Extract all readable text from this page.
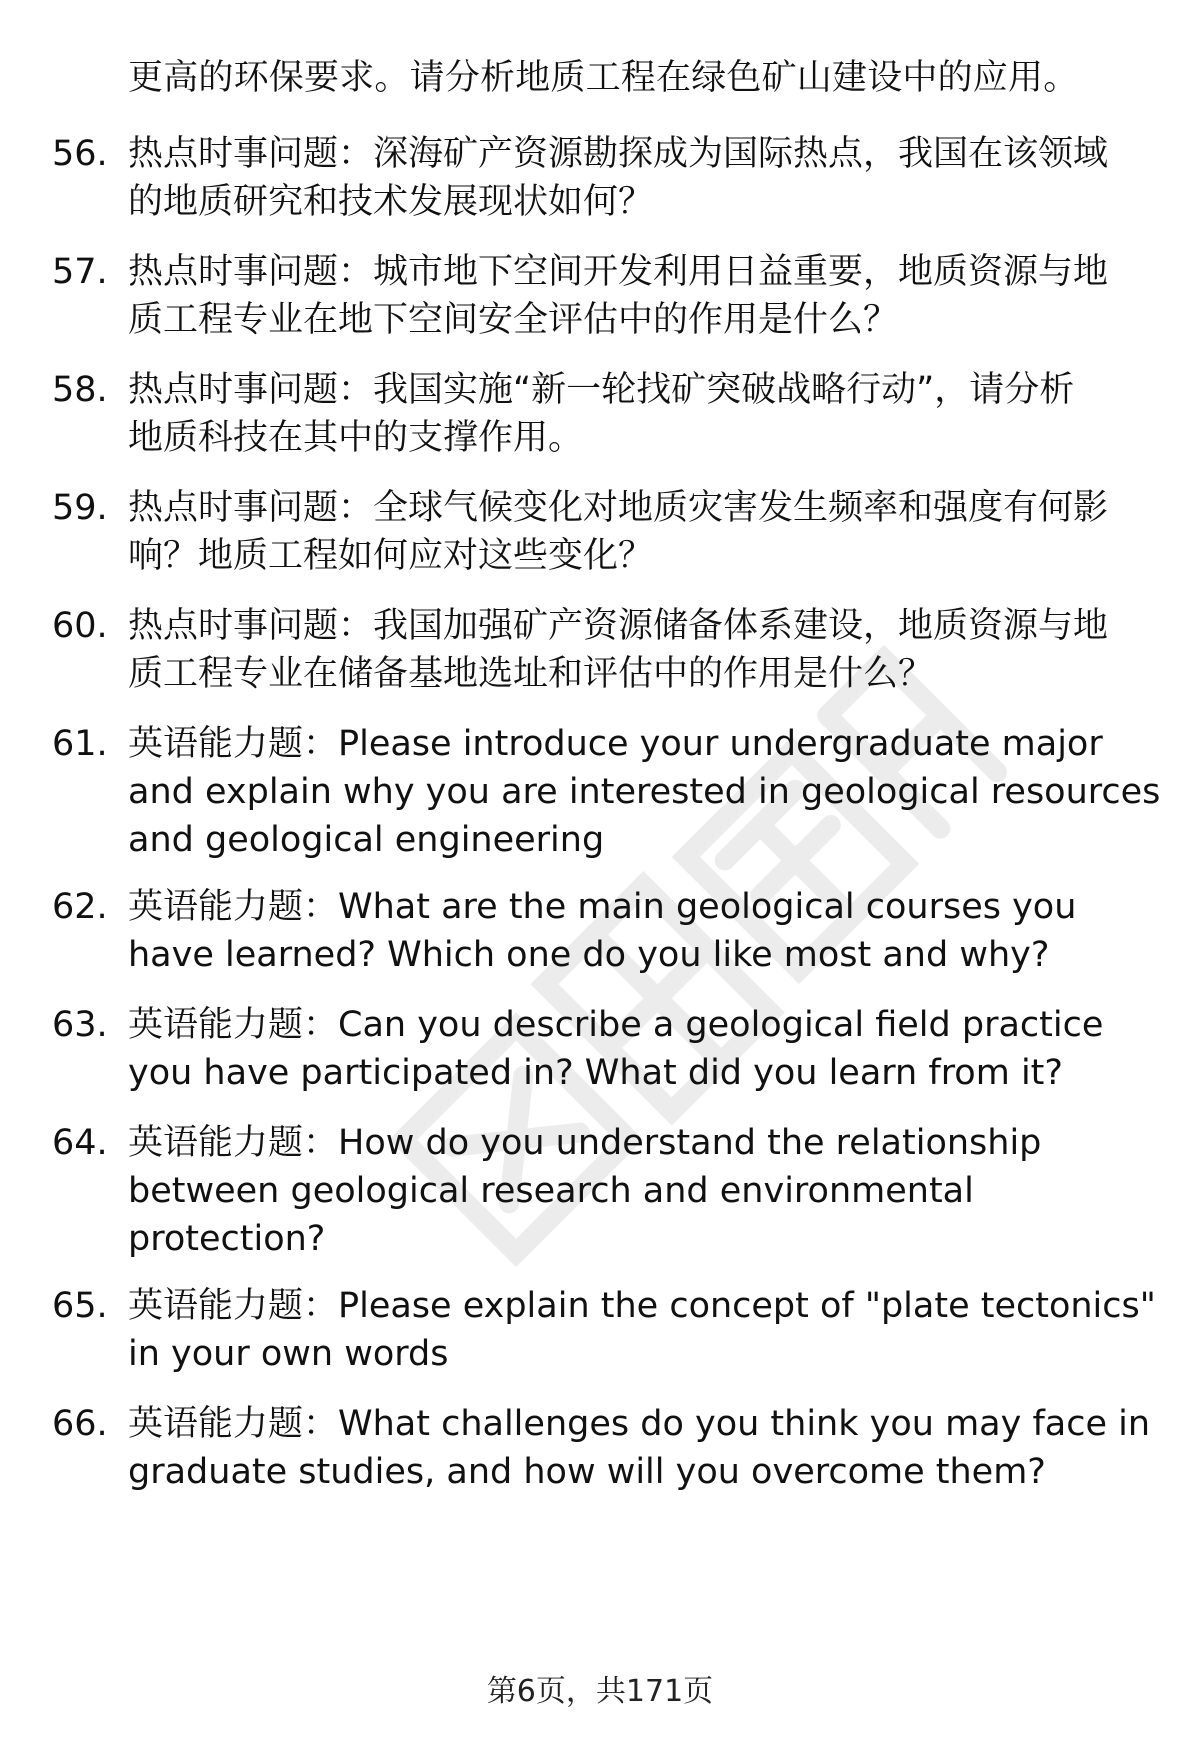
更高的环保要求。请分析地质工程在绿色矿山建设中的应用。
56. 热点时事问题：深海矿产资源勘探成为国际热点，我国在该领域
的地质研究和技术发展现状如何？
57. 热点时事问题：城市地下空间开发利用日益重要，地质资源与地
质工程专业在地下空间安全评估中的作用是什么？
58. 热点时事问题：我国实施“新一轮找矿突破战略行动”，请分析
地质科技在其中的支撑作用。
59. 热点时事问题：全球气候变化对地质灾害发生频率和强度有何影
响？地质工程如何应对这些变化？
60. 热点时事问题：我国加强矿产资源储备体系建设，地质资源与地
质工程专业在储备基地选址和评估中的作用是什么？
61. 英语能力题：Please introduce your undergraduate major
and explain why you are interested in geological resources
and geological engineering
62. 英语能力题：What are the main geological courses you
have learned? Which one do you like most and why?
63. 英语能力题：Can you describe a geological field practice
you have participated in? What did you learn from it?
64. 英语能力题：How do you understand the relationship
between geological research and environmental
protection?
65. 英语能力题：Please explain the concept of "plate tectonics"
in your own words
66. 英语能力题：What challenges do you think you may face in
graduate studies, and how will you overcome them?
第6页，共171页
